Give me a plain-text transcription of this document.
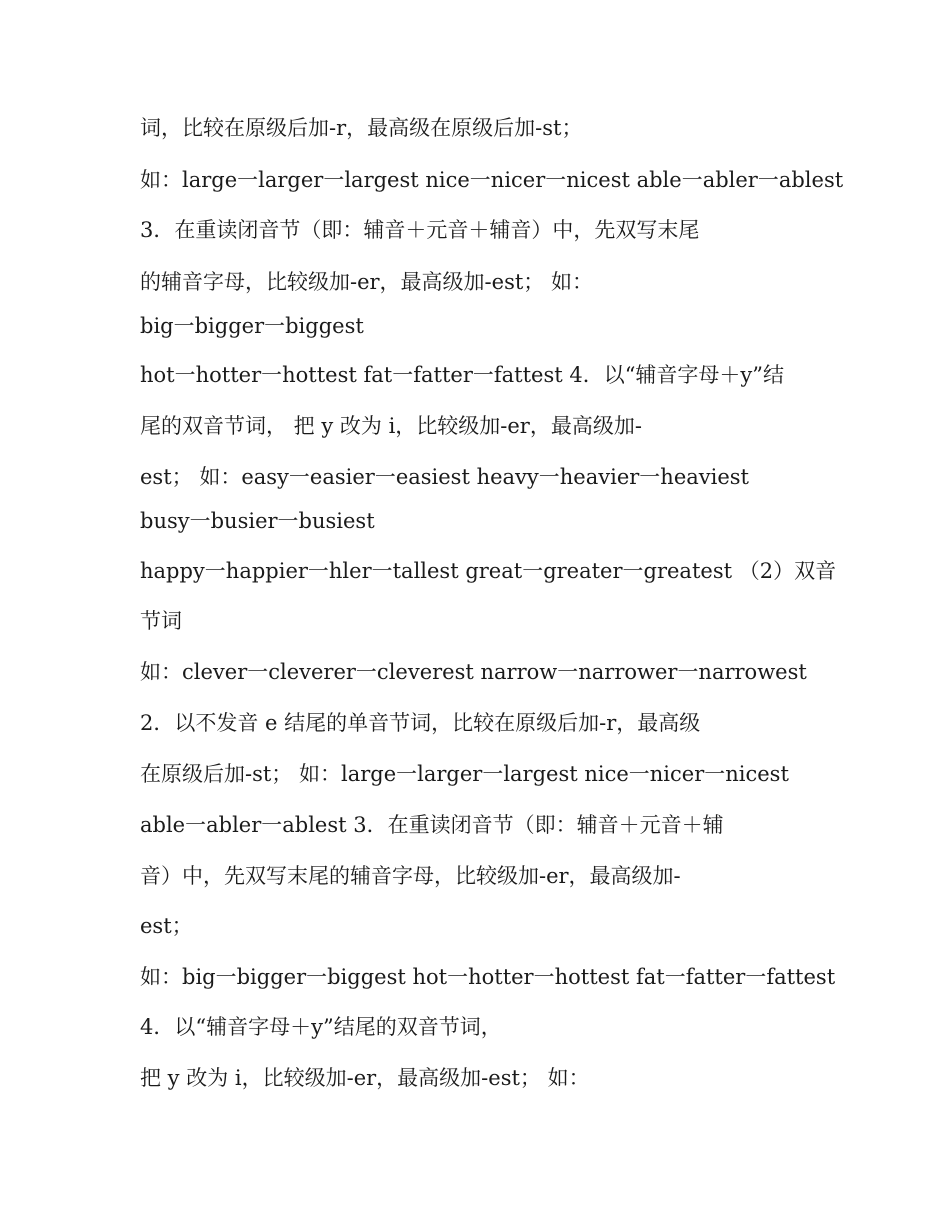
词，比较在原级后加-r，最高级在原级后加-st；
如：large一larger一largest nice一nicer一nicest able一abler一ablest
3．在重读闭音节（即：辅音＋元音＋辅音）中，先双写末尾
的辅音字母，比较级加-er，最高级加-est； 如：
big一bigger一biggest
hot一hotter一hottest fat一fatter一fattest 4．以“辅音字母＋y”结
尾的双音节词， 把 y 改为 i，比较级加-er，最高级加-
est； 如：easy一easier一easiest heavy一heavier一heaviest
busy一busier一busiest
happy一happier一hler一tallest great一greater一greatest （2）双音
节词
如：clever一cleverer一cleverest narrow一narrower一narrowest
2．以不发音 e 结尾的单音节词，比较在原级后加-r，最高级
在原级后加-st； 如：large一larger一largest nice一nicer一nicest
able一abler一ablest 3．在重读闭音节（即：辅音＋元音＋辅
音）中，先双写末尾的辅音字母，比较级加-er，最高级加-
est；
如：big一bigger一biggest hot一hotter一hottest fat一fatter一fattest
4．以“辅音字母＋y”结尾的双音节词，
把 y 改为 i，比较级加-er，最高级加-est； 如：
